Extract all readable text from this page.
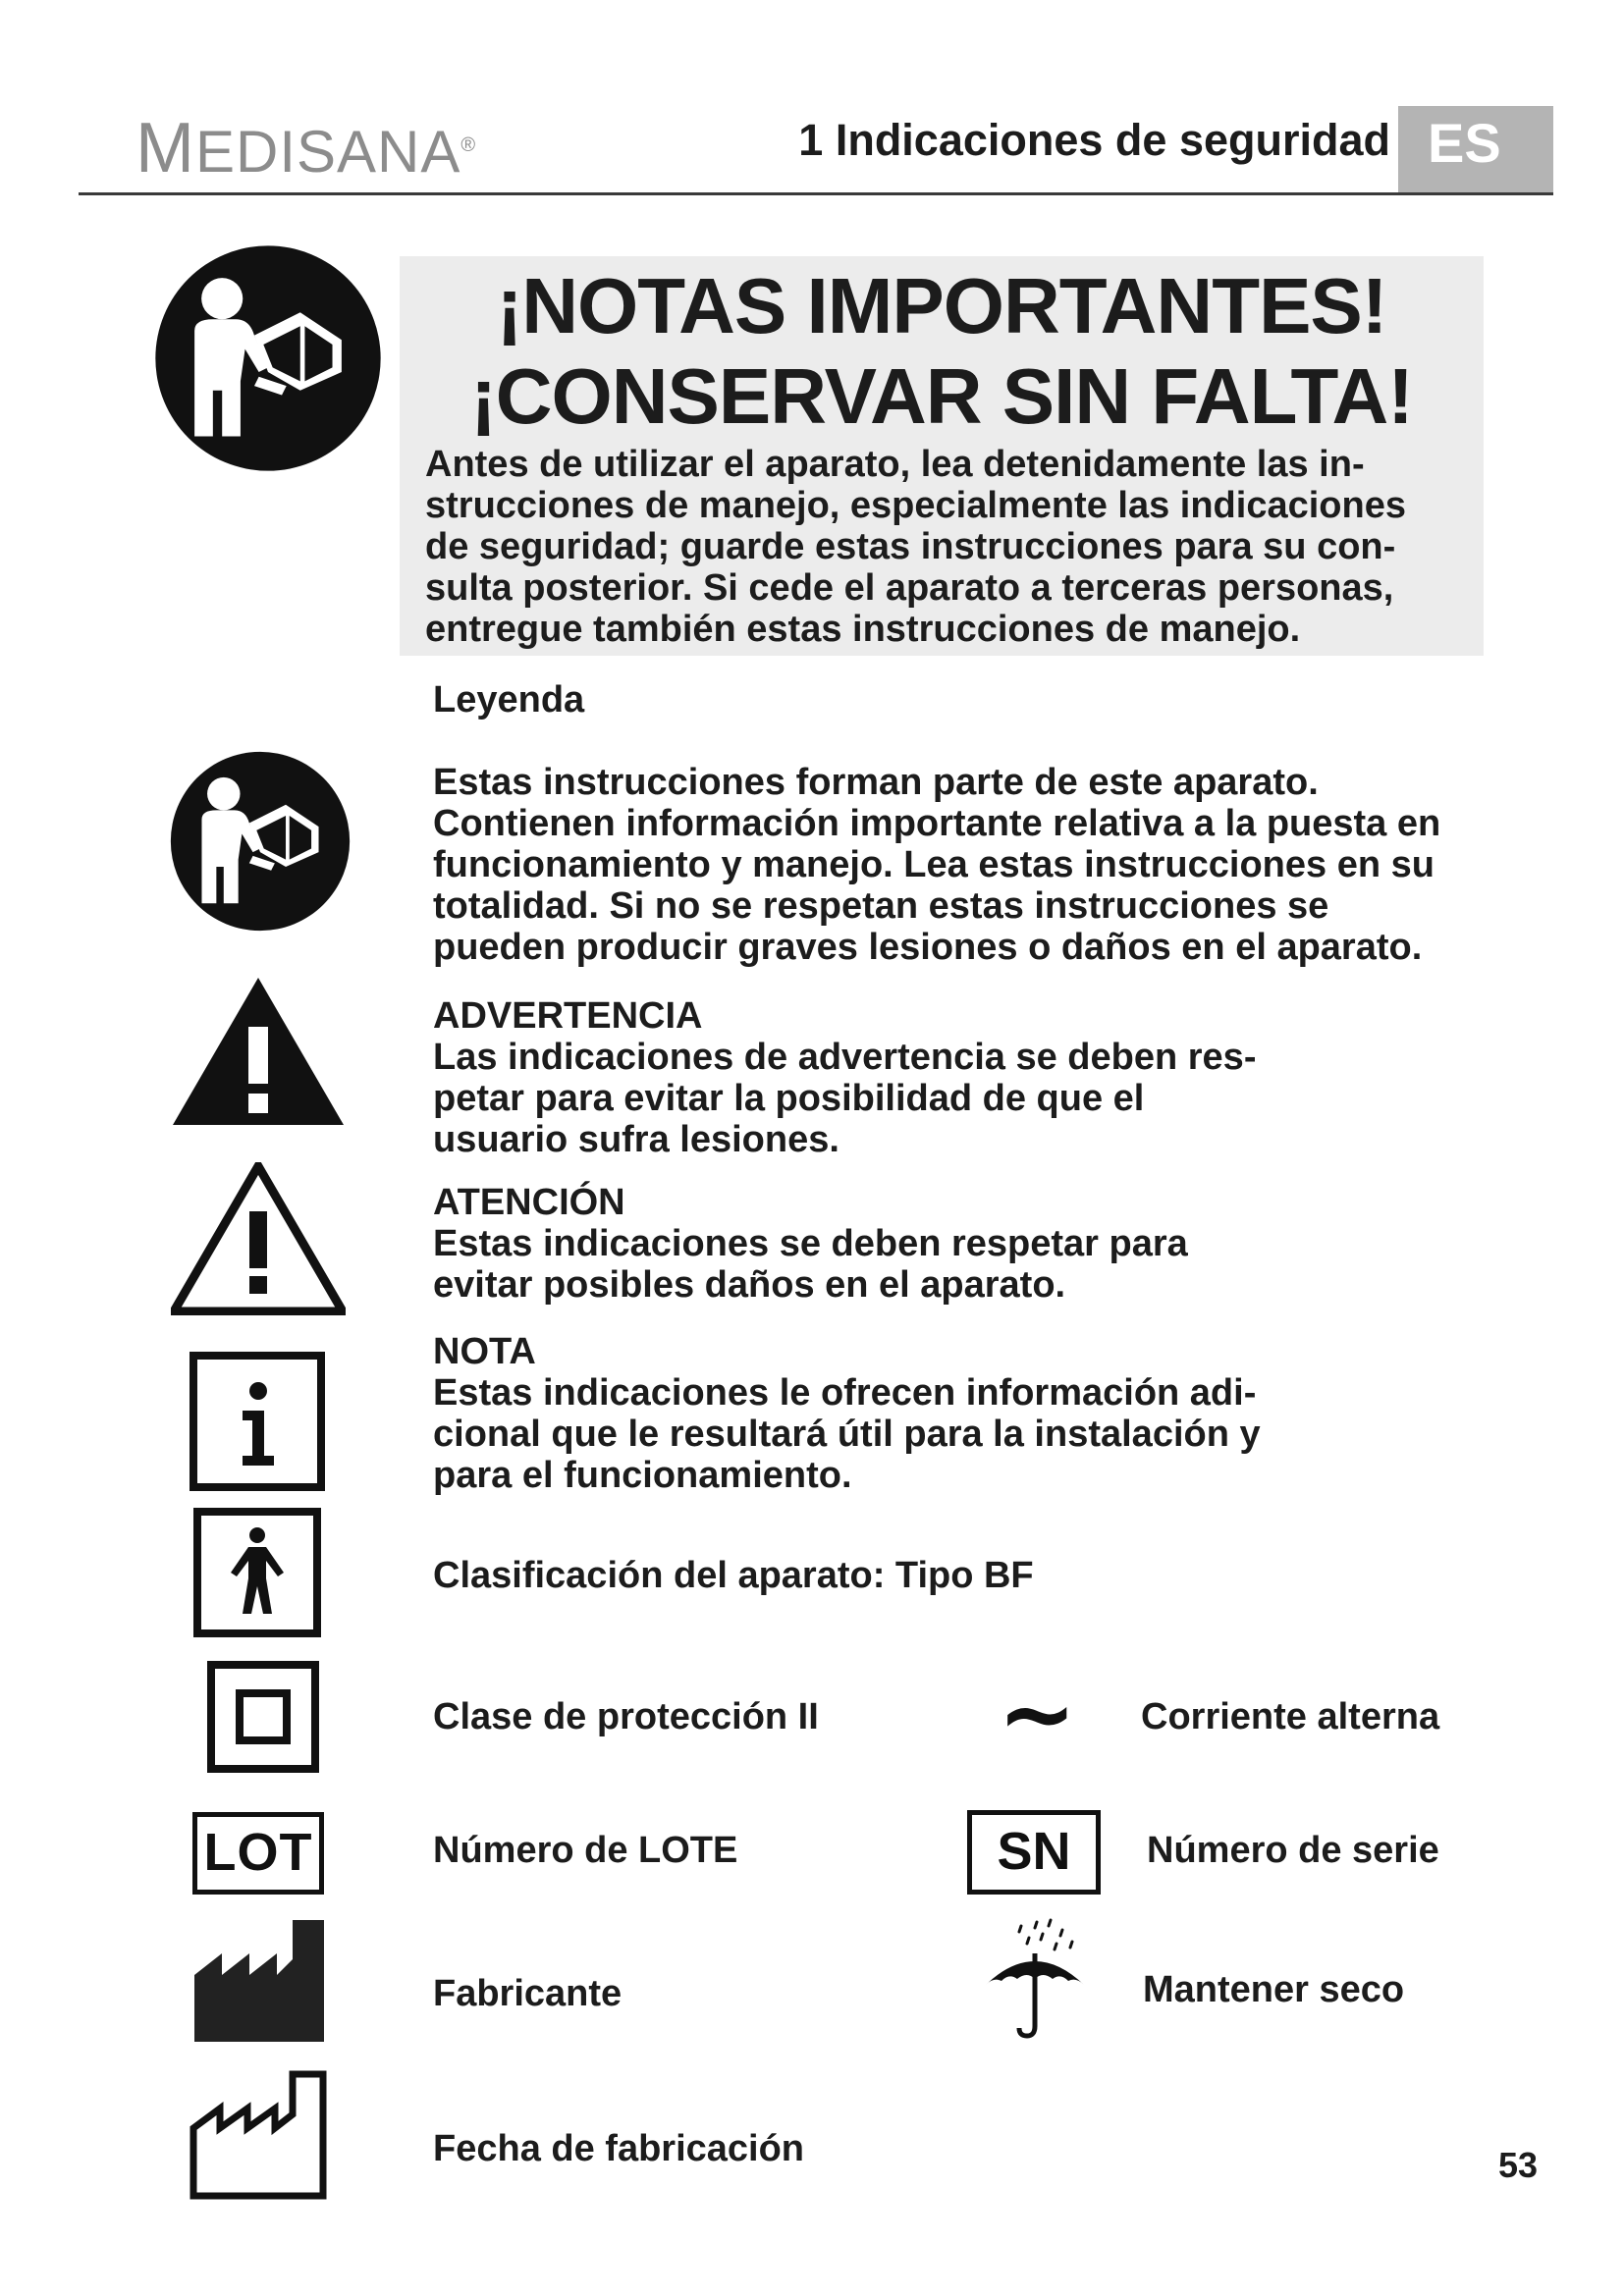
MEDISANA®	1 Indicaciones de seguridad ES
¡NOTAS IMPORTANTES!
¡CONSERVAR SIN FALTA!
Antes de utilizar el aparato, lea detenidamente las in-
strucciones de manejo, especialmente las indicaciones
de seguridad; guarde estas instrucciones para su con-
sulta posterior. Si cede el aparato a terceras personas,
entregue también estas instrucciones de manejo.
Leyenda
Estas instrucciones forman parte de este aparato.
Contienen información importante relativa a la puesta en
funcionamiento y manejo. Lea estas instrucciones en su
totalidad. Si no se respetan estas instrucciones se
pueden producir graves lesiones o daños en el aparato.
ADVERTENCIA
Las indicaciones de advertencia se deben res-
petar para evitar la posibilidad de que el
usuario sufra lesiones.
ATENCIÓN
Estas indicaciones se deben respetar para
evitar posibles daños en el aparato.
NOTA
Estas indicaciones le ofrecen información adi-
cional que le resultará útil para la instalación y
para el funcionamiento.
Clasificación del aparato: Tipo BF
Clase de protección II ~ Corriente alterna
LOT	Número de LOTE	SN	Número de serie
Fabricante	Mantener seco
Fecha de fabricación	53
